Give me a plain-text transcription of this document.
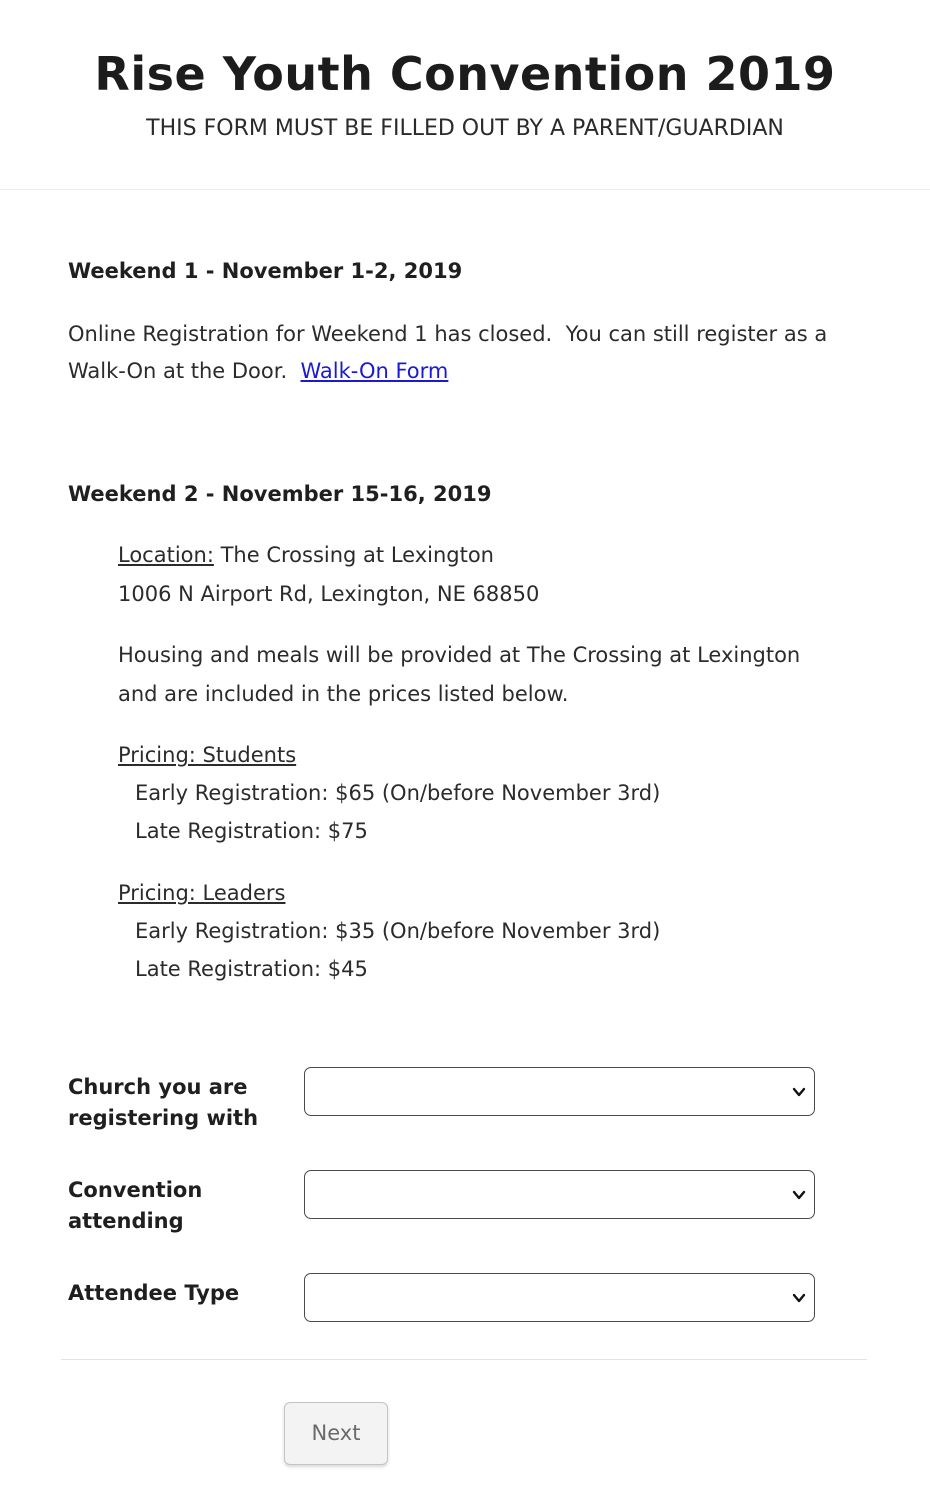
Rise Youth Convention 2019
THIS FORM MUST BE FILLED OUT BY A PARENT/GUARDIAN
Weekend 1 - November 1-2, 2019
Online Registration for Weekend 1 has closed.  You can still register as a
Walk-On at the Door. Walk-On Form
Weekend 2 - November 15-16, 2019
Location: The Crossing at Lexington
1006 N Airport Rd, Lexington, NE 68850
Housing and meals will be provided at The Crossing at Lexington
and are included in the prices listed below.
Pricing: Students
Early Registration: $65 (On/before November 3rd)
Late Registration: $75
Pricing: Leaders
Early Registration: $35 (On/before November 3rd)
Late Registration: $45
Church you are
registering with
Convention
attending
Attendee Type
Next
